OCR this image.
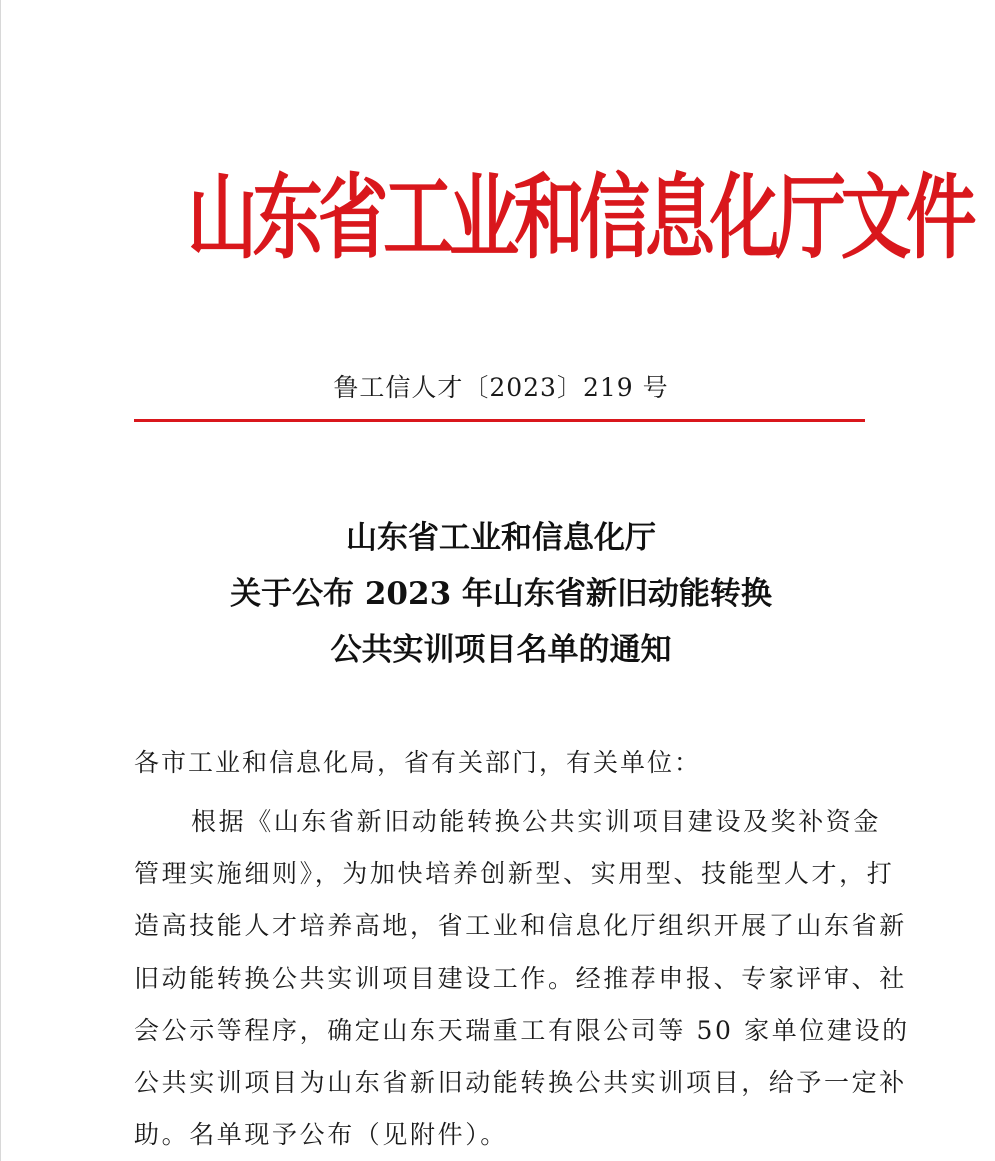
山东省工业和信息化厅文件
鲁工信人才〔2023〕219 号
山东省工业和信息化厅
关于公布 2023 年山东省新旧动能转换
公共实训项目名单的通知
各市工业和信息化局，省有关部门，有关单位：
根据《山东省新旧动能转换公共实训项目建设及奖补资金
管理实施细则》，为加快培养创新型、实用型、技能型人才，打
造高技能人才培养高地，省工业和信息化厅组织开展了山东省新
旧动能转换公共实训项目建设工作。经推荐申报、专家评审、社
会公示等程序，确定山东天瑞重工有限公司等 50 家单位建设的
公共实训项目为山东省新旧动能转换公共实训项目，给予一定补
助。名单现予公布（见附件）。
